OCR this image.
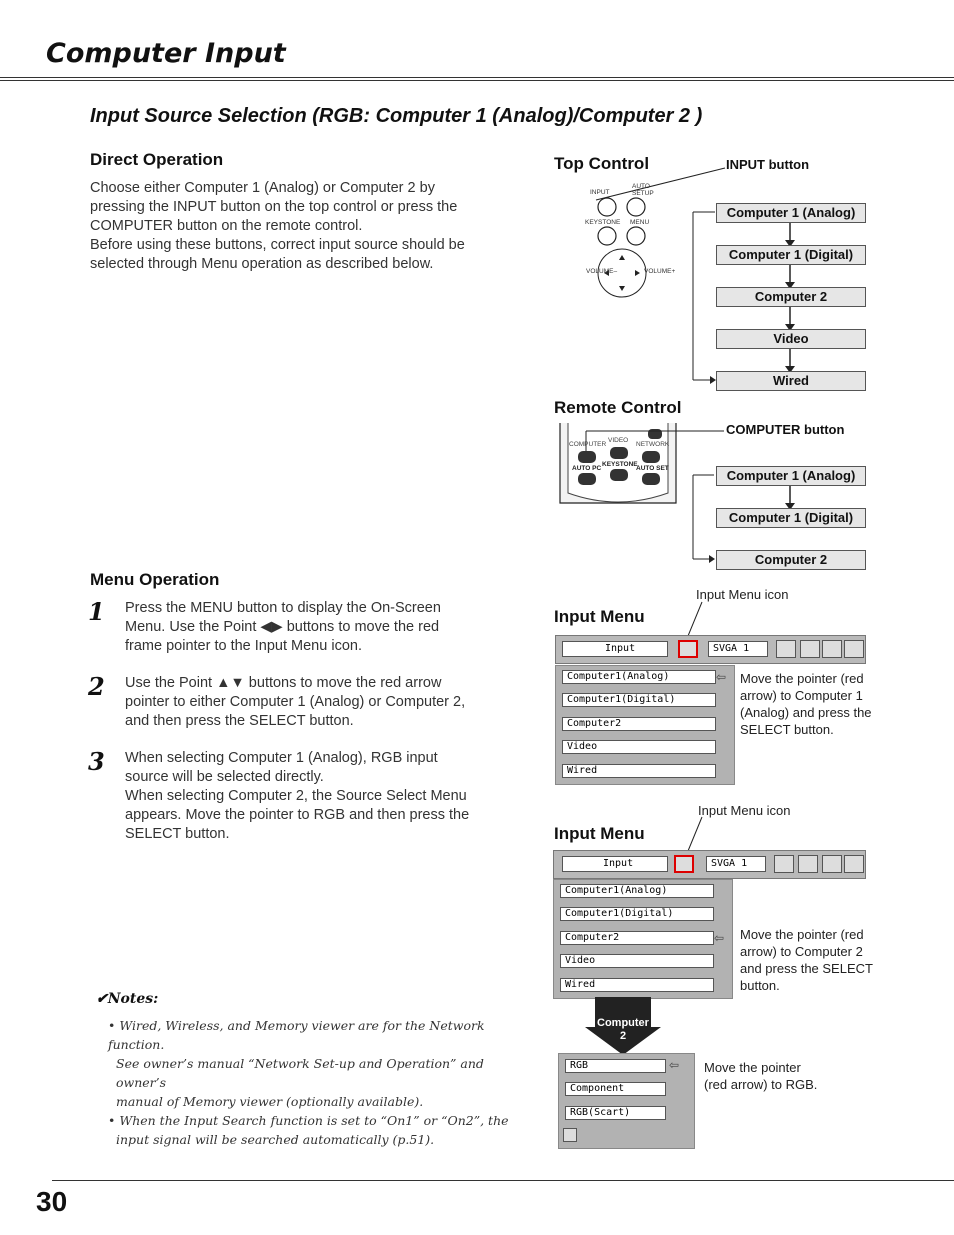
Computer Input
Input Source Selection (RGB: Computer 1 (Analog)/Computer 2 )
Direct Operation
Choose either Computer 1 (Analog) or Computer 2 by
pressing the INPUT button on the top control or press the
COMPUTER button on the remote control.
Before using these buttons, correct input source should be
selected through Menu operation as described below.
Top Control	INPUT button
INPUT
AUTO
SETUP
KEYSTONE MENU
VOLUME–	VOLUME+
Computer 1 (Analog)
Computer 1 (Digital)
Computer 2
Video
Wired
Remote Control
COMPUTER button
COMPUTER
VIDEO
NETWORK
AUTO PC
KEYSTONE
AUTO SET	Computer 1 (Analog)
Computer 1 (Digital)
Computer 2
Menu Operation
1 Press the MENU button to display the On-Screen
Menu. Use the Point ◀▶ buttons to move the red
frame pointer to the Input Menu icon.
2 Use the Point ▲▼ buttons to move the red arrow
pointer to either Computer 1 (Analog) or Computer 2,
and then press the SELECT button.
3 When selecting Computer 1 (Analog), RGB input
source will be selected directly.
When selecting Computer 2, the Source Select Menu
appears. Move the pointer to RGB and then press the
SELECT button.
Input Menu icon
Input Menu
Input	SVGA 1
Computer1(Analog)
Computer1(Digital)
Computer2
Video
Wired
⇦ Move the pointer (red
arrow) to Computer 1
(Analog) and press the
SELECT button.
Input Menu icon
Input Menu
Input	SVGA 1
Computer1(Analog)
Computer1(Digital)
Computer2
Video
Wired
⇦ Move the pointer (red
arrow) to Computer 2
and press the SELECT
button.
Computer
2
RGB
Component
RGB(Scart)
⇦ Move the pointer
(red arrow) to RGB.
✔Notes:
• Wired, Wireless, and Memory viewer are for the Network function.
See owner’s manual “Network Set-up and Operation” and owner’s
manual of Memory viewer (optionally available).
• When the Input Search function is set to “On1” or “On2”, the
input signal will be searched automatically (p.51).
30
